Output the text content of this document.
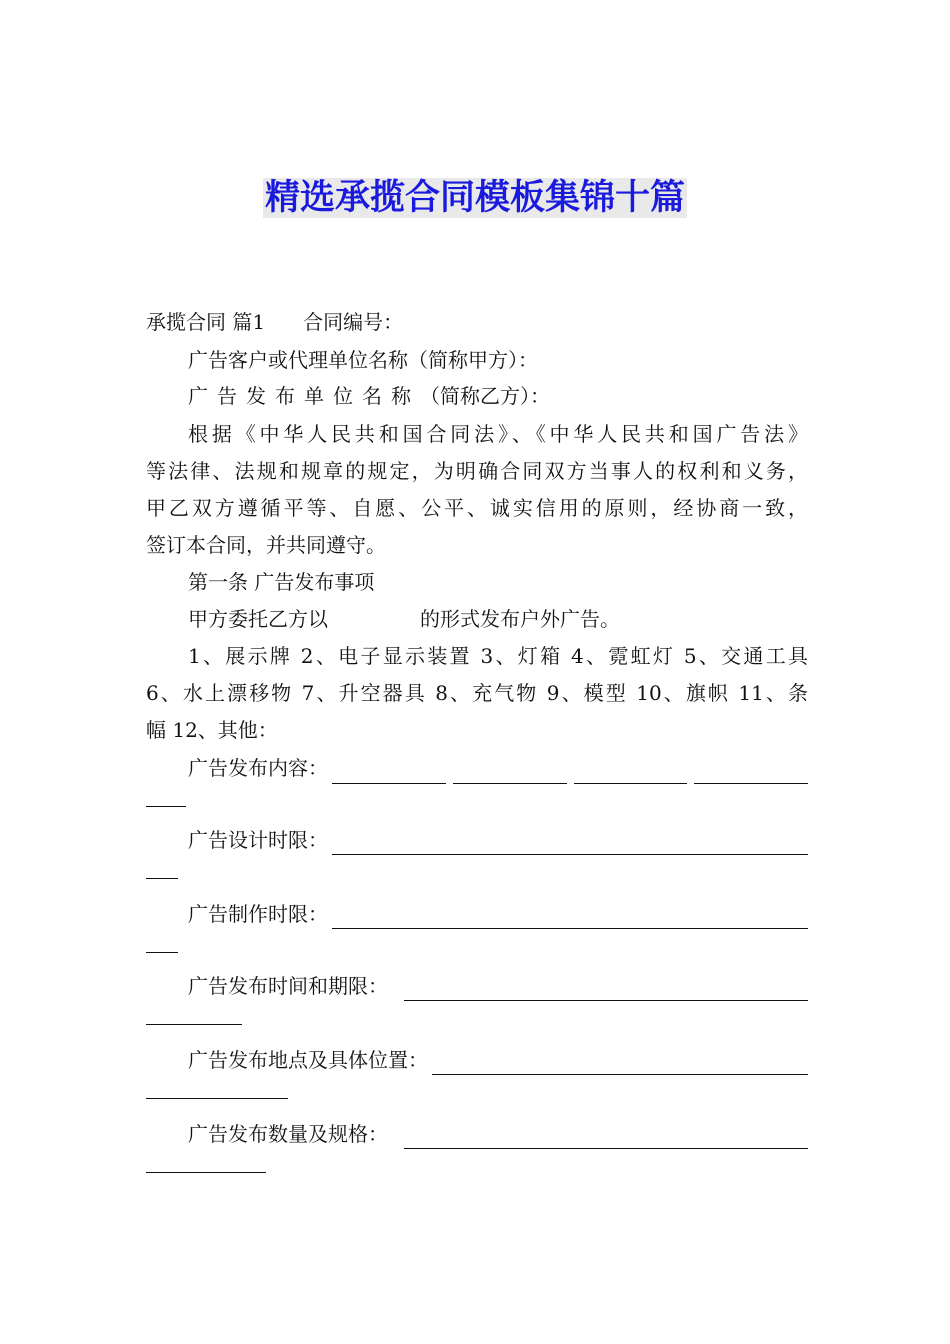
精选承揽合同模板集锦十篇
承揽合同 篇1 合同编号：
广告客户或代理单位名称（简称甲方）：
广告发布单位名称（简称乙方）：
根据《中华人民共和国合同法》、《中华人民共和国广告法》
等法律、法规和规章的规定，为明确合同双方当事人的权利和义务，
甲乙双方遵循平等、自愿、公平、诚实信用的原则，经协商一致，
签订本合同，并共同遵守。
第一条 广告发布事项
甲方委托乙方以	的形式发布户外广告。
1、展示牌 2、电子显示装置 3、灯箱 4、霓虹灯 5、交通工具
6、水上漂移物 7、升空器具 8、充气物 9、模型 10、旗帜 11、条
幅 12、其他：
广告发布内容：
广告设计时限：
广告制作时限：
广告发布时间和期限：
广告发布地点及具体位置：
广告发布数量及规格：
